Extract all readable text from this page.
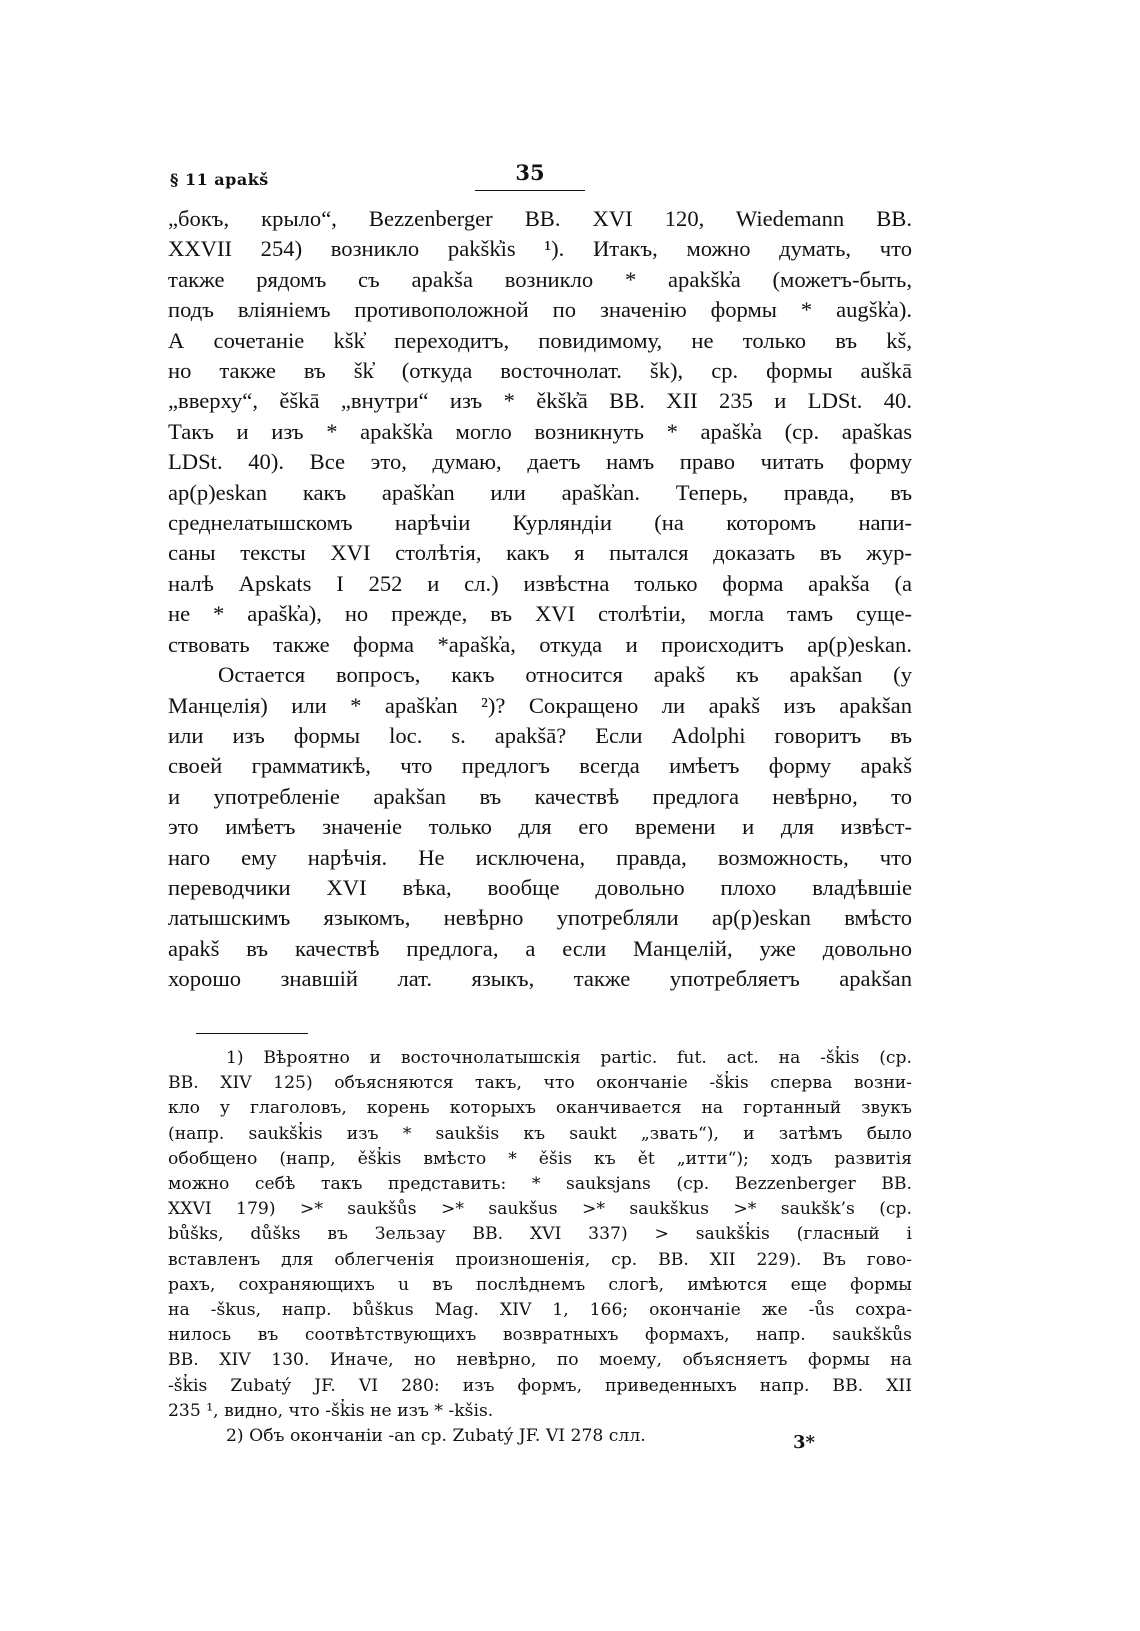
§ 11 apakš	35
„бокъ, крыло“, Bezzenberger BB. XVI 120, Wiedemann BB.
XXVII 254) возникло pakšk̓is ¹). Итакъ, можно думать, что
также рядомъ съ apakša возникло * apakšk̓a (можетъ-быть,
подъ вліяніемъ противоположной по значенію формы * augšk̓a).
А сочетаніе kšk̓ переходитъ, повидимому, не только въ kš,
но также въ šk̓ (откуда восточнолат. šk), ср. формы auškā
„вверху“, ěškā „внутри“ изъ * ěkšk̓ā BB. XII 235 и LDSt. 40.
Такъ и изъ * apakšk̓a могло возникнуть * apašk̓a (ср. apaškas
LDSt. 40). Все это, думаю, даетъ намъ право читать форму
ap(p)eskan какъ apašk̓an или apašk̓an. Теперь, правда, въ
среднелатышскомъ нарѣчіи Курляндіи (на которомъ напи-
саны тексты XVI столѣтія, какъ я пытался доказать въ жур-
налѣ Apskats I 252 и сл.) извѣстна только форма apakša (а
не * apašk̓a), но прежде, въ XVI столѣтіи, могла тамъ суще-
ствовать также форма *apašk̓a, откуда и происходитъ ap(p)eskan.
Остается вопросъ, какъ относится apakš къ apakšan (у
Манцелія) или * apašk̓an ²)? Сокращено ли apakš изъ apakšan
или изъ формы loc. s. apakšā? Если Adolphi говоритъ въ
своей грамматикѣ, что предлогъ всегда имѣетъ форму apakš
и употребленіе apakšan въ качествѣ предлога невѣрно, то
это имѣетъ значеніе только для его времени и для извѣст-
наго ему нарѣчія. Не исключена, правда, возможность, что
переводчики XVI вѣка, вообще довольно плохо владѣвшіе
латышскимъ языкомъ, невѣрно употребляли ap(p)eskan вмѣсто
apakš въ качествѣ предлога, а если Манцелій, уже довольно
хорошо знавшій лат. языкъ, также употребляетъ apakšan
1) Вѣроятно и восточнолатышскія partic. fut. act. на -šk̓is (ср.
BB. XIV 125) объясняются такъ, что окончаніе -šk̓is сперва возни-
кло у глаголовъ, корень которыхъ оканчивается на гортанный звукъ
(напр. saukšk̓is изъ * saukšis къ saukt „звать“), и затѣмъ было
обобщено (напр, ěšk̓is вмѣсто * ěšis къ ět „итти“); ходъ развитія
можно себѣ такъ представить: * sauksjans (ср. Bezzenberger BB.
XXVI 179) >* saukšůs >* saukšus >* saukškus >* saukšk’s (ср.
bůšks, důšks въ Зельзау BB. XVI 337) > saukšk̓is (гласный і
вставленъ для облегченія произношенія, ср. BB. XII 229). Въ гово-
рахъ, сохраняющихъ u въ послѣднемъ слогѣ, имѣются еще формы
на -škus, напр. bůškus Mag. XIV 1, 166; окончаніе же -ůs сохра-
нилось въ соотвѣтствующихъ возвратныхъ формахъ, напр. saukškůs
BB. XIV 130. Иначе, но невѣрно, по моему, объясняетъ формы на
-šk̓is Zubatý JF. VI 280: изъ формъ, приведенныхъ напр. BB. XII
235 ¹, видно, что -šk̓is не изъ * -kšis.
2) Объ окончаніи -an ср. Zubatý JF. VI 278 слл.	3*
